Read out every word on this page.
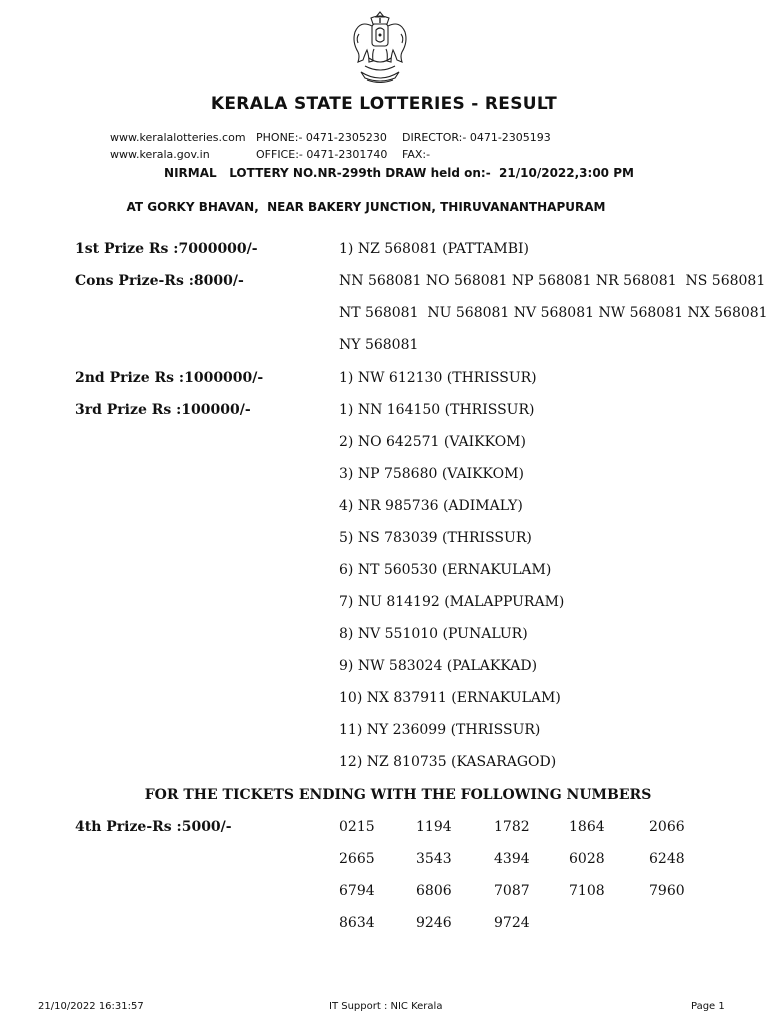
KERALA STATE LOTTERIES - RESULT
www.keralalotteries.com PHONE:- 0471-2305230 DIRECTOR:- 0471-2305193
www.kerala.gov.in	OFFICE:- 0471-2301740 FAX:-
NIRMAL   LOTTERY NO.NR-299th DRAW held on:-  21/10/2022,3:00 PM
AT GORKY BHAVAN,  NEAR BAKERY JUNCTION, THIRUVANANTHAPURAM
1st Prize Rs :7000000/-	1) NZ 568081 (PATTAMBI)
Cons Prize-Rs :8000/-	NN 568081 NO 568081 NP 568081 NR 568081  NS 568081
NT 568081  NU 568081 NV 568081 NW 568081 NX 568081
NY 568081
2nd Prize Rs :1000000/-	1) NW 612130 (THRISSUR)
3rd Prize Rs :100000/-	1) NN 164150 (THRISSUR)
2) NO 642571 (VAIKKOM)
3) NP 758680 (VAIKKOM)
4) NR 985736 (ADIMALY)
5) NS 783039 (THRISSUR)
6) NT 560530 (ERNAKULAM)
7) NU 814192 (MALAPPURAM)
8) NV 551010 (PUNALUR)
9) NW 583024 (PALAKKAD)
10) NX 837911 (ERNAKULAM)
11) NY 236099 (THRISSUR)
12) NZ 810735 (KASARAGOD)
FOR THE TICKETS ENDING WITH THE FOLLOWING NUMBERS
4th Prize-Rs :5000/-	0215	1194	1782	1864	2066
2665	3543	4394	6028	6248
6794	6806	7087	7108	7960
8634	9246	9724
21/10/2022 16:31:57	IT Support : NIC Kerala	Page 1
